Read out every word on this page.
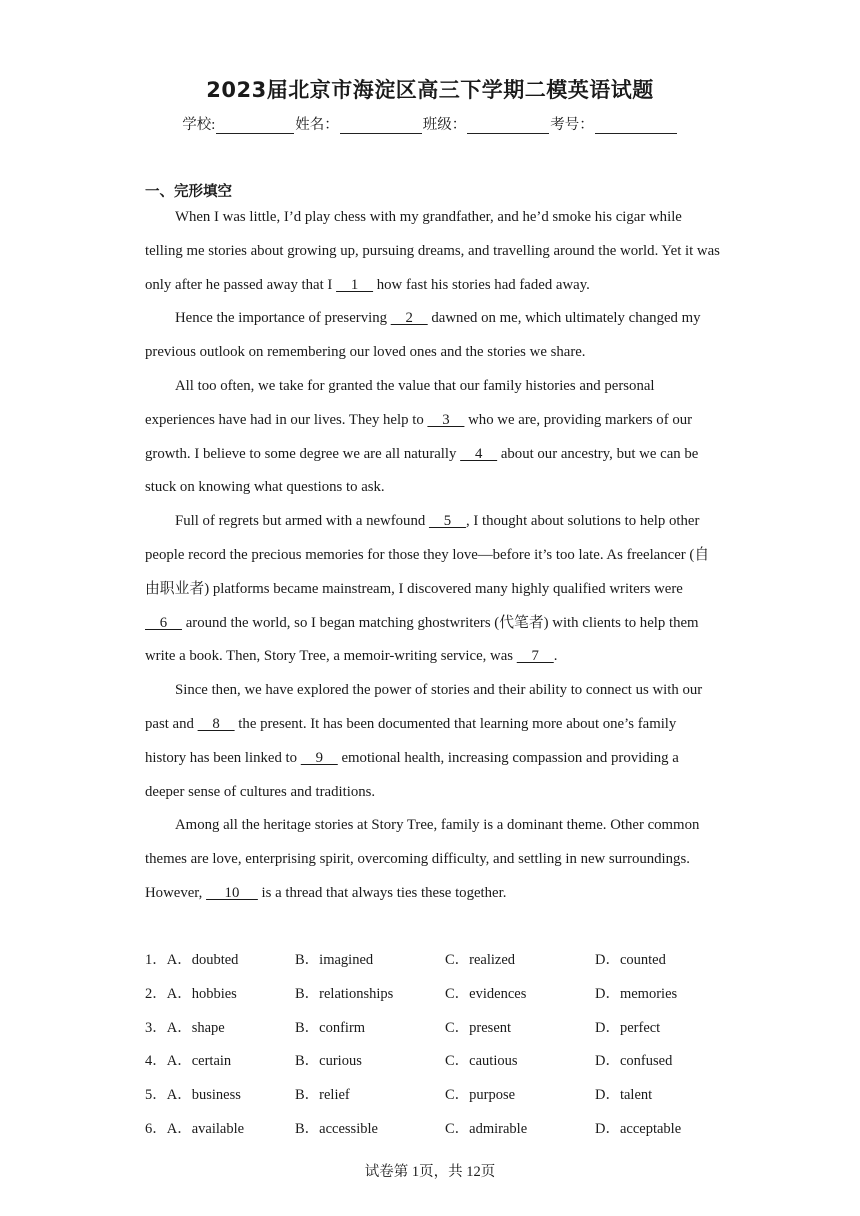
2023届北京市海淀区高三下学期二模英语试题
学校:	姓名：	班级：	考号：
一、完形填空

When I was little, I’d play chess with my grandfather, and he’d smoke his cigar while telling me stories about growing up, pursuing dreams, and travelling around the world. Yet it was only after he passed away that I     1     how fast his stories had faded away.

Hence the importance of preserving     2     dawned on me, which ultimately changed my previous outlook on remembering our loved ones and the stories we share.

All too often, we take for granted the value that our family histories and personal experiences have had in our lives. They help to     3     who we are, providing markers of our growth. I believe to some degree we are all naturally     4     about our ancestry, but we can be stuck on knowing what questions to ask.

Full of regrets but armed with a newfound     5    , I thought about solutions to help other people record the precious memories for those they love—before it’s too late. As freelancer (自由职业者) platforms became mainstream, I discovered many highly qualified writers were     6     around the world, so I began matching ghostwriters (代笔者) with clients to help them write a book. Then, Story Tree, a memoir-writing service, was     7    .

Since then, we have explored the power of stories and their ability to connect us with our past and     8     the present. It has been documented that learning more about one’s family history has been linked to     9     emotional health, increasing compassion and providing a deeper sense of cultures and traditions.

Among all the heritage stories at Story Tree, family is a dominant theme. Other common themes are love, enterprising spirit, overcoming difficulty, and settling in new surroundings. However,      10      is a thread that always ties these together.

1．A．doubted	B．imagined	C．realized	D．counted
2．A．hobbies	B．relationships	C．evidences	D．memories
3．A．shape	B．confirm	C．present	D．perfect
4．A．certain	B．curious	C．cautious	D．confused
5．A．business	B．relief	C．purpose	D．talent
6．A．available	B．accessible	C．admirable	D．acceptable
试卷第 1页，共 12页
